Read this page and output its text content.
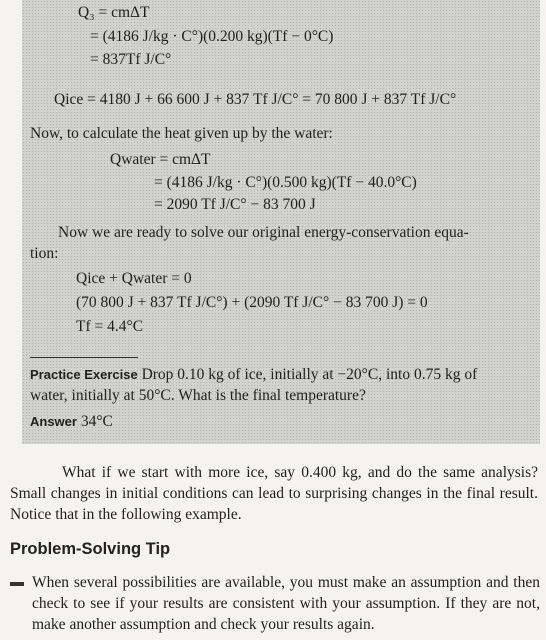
Q₃ = cmΔT
= (4186 J/kg · C°)(0.200 kg)(Tf − 0°C)
= 837Tf J/C°
Qice = 4180 J + 66 600 J + 837 Tf J/C° = 70 800 J + 837 Tf J/C°
Now, to calculate the heat given up by the water:
Qwater = cmΔT
= (4186 J/kg · C°)(0.500 kg)(Tf − 40.0°C)
= 2090 Tf J/C° − 83 700 J
Now we are ready to solve our original energy-conservation equa-
tion:
Qice + Qwater = 0
(70 800 J + 837 Tf J/C°) + (2090 Tf J/C° − 83 700 J) = 0
Tf = 4.4°C
Practice Exercise Drop 0.10 kg of ice, initially at −20°C, into 0.75 kg of
water, initially at 50°C. What is the final temperature?
Answer 34°C
What if we start with more ice, say 0.400 kg, and do the same analysis? Small changes in initial conditions can lead to surprising changes in the final result. Notice that in the following example.
Problem-Solving Tip
When several possibilities are available, you must make an assumption and then check to see if your results are consistent with your assumption. If they are not, make another assumption and check your results again.
